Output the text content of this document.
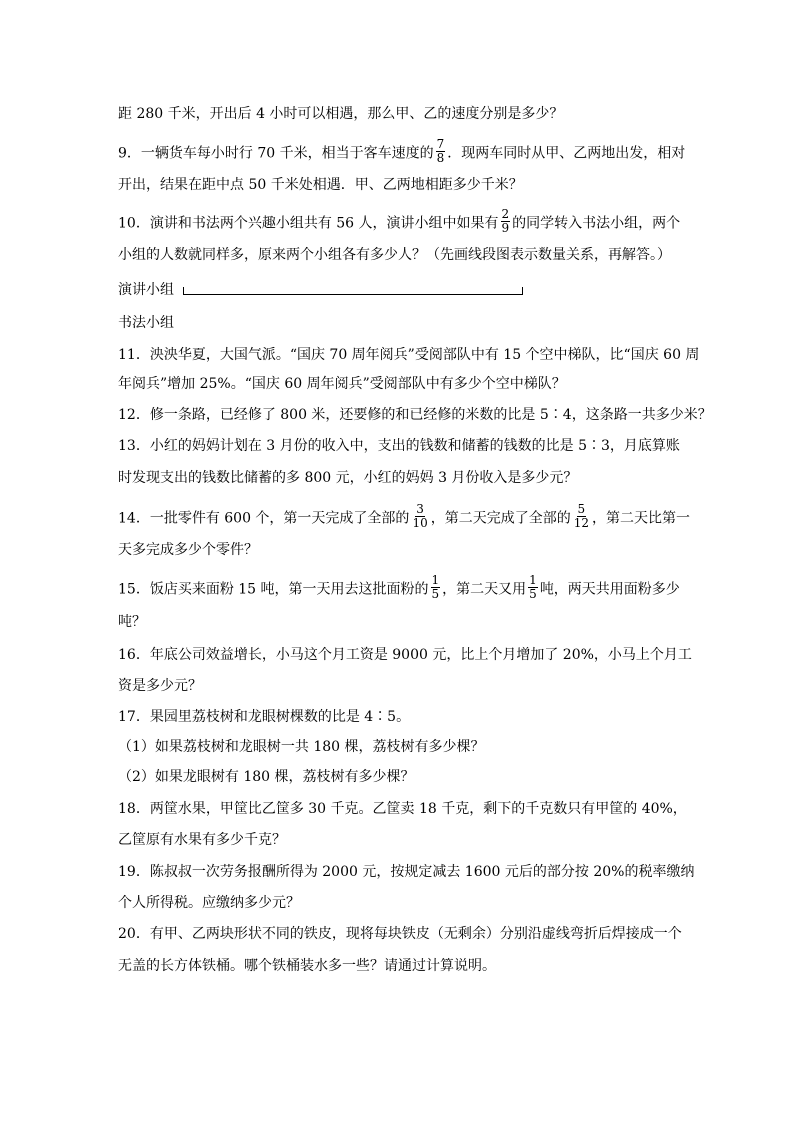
距 280 千米，开出后 4 小时可以相遇，那么甲、乙的速度分别是多少？
9．一辆货车每小时行 70 千米，相当于客车速度的 $\frac{7}{8}$ ．现两车同时从甲、乙两地出发，相对
开出，结果在距中点 50 千米处相遇．甲、乙两地相距多少千米？
10．演讲和书法两个兴趣小组共有 56 人，演讲小组中如果有 $\frac{2}{9}$ 的同学转入书法小组，两个
小组的人数就同样多，原来两个小组各有多少人？（先画线段图表示数量关系，再解答。）
演讲小组
书法小组
11．泱泱华夏，大国气派。“国庆 70 周年阅兵”受阅部队中有 15 个空中梯队，比“国庆 60 周
年阅兵”增加 25%。“国庆 60 周年阅兵”受阅部队中有多少个空中梯队？
12．修一条路，已经修了 800 米，还要修的和已经修的米数的比是 5∶4，这条路一共多少米？
13．小红的妈妈计划在 3 月份的收入中，支出的钱数和储蓄的钱数的比是 5∶3，月底算账
时发现支出的钱数比储蓄的多 800 元，小红的妈妈 3 月份收入是多少元？
14．一批零件有 600 个，第一天完成了全部的 $\frac{3}{10}$ ，第二天完成了全部的 $\frac{5}{12}$ ，第二天比第一
天多完成多少个零件？
15．饭店买来面粉 15 吨，第一天用去这批面粉的 $\frac{1}{5}$ ，第二天又用 $\frac{1}{5}$ 吨，两天共用面粉多少
吨？
16．年底公司效益增长，小马这个月工资是 9000 元，比上个月增加了 20%，小马上个月工
资是多少元？
17．果园里荔枝树和龙眼树棵数的比是 4∶5。
（1）如果荔枝树和龙眼树一共 180 棵，荔枝树有多少棵？
（2）如果龙眼树有 180 棵，荔枝树有多少棵？
18．两筐水果，甲筐比乙筐多 30 千克。乙筐卖 18 千克，剩下的千克数只有甲筐的 40%，
乙筐原有水果有多少千克？
19．陈叔叔一次劳务报酬所得为 2000 元，按规定减去 1600 元后的部分按 20%的税率缴纳
个人所得税。应缴纳多少元？
20．有甲、乙两块形状不同的铁皮，现将每块铁皮（无剩余）分别沿虚线弯折后焊接成一个
无盖的长方体铁桶。哪个铁桶装水多一些？请通过计算说明。
